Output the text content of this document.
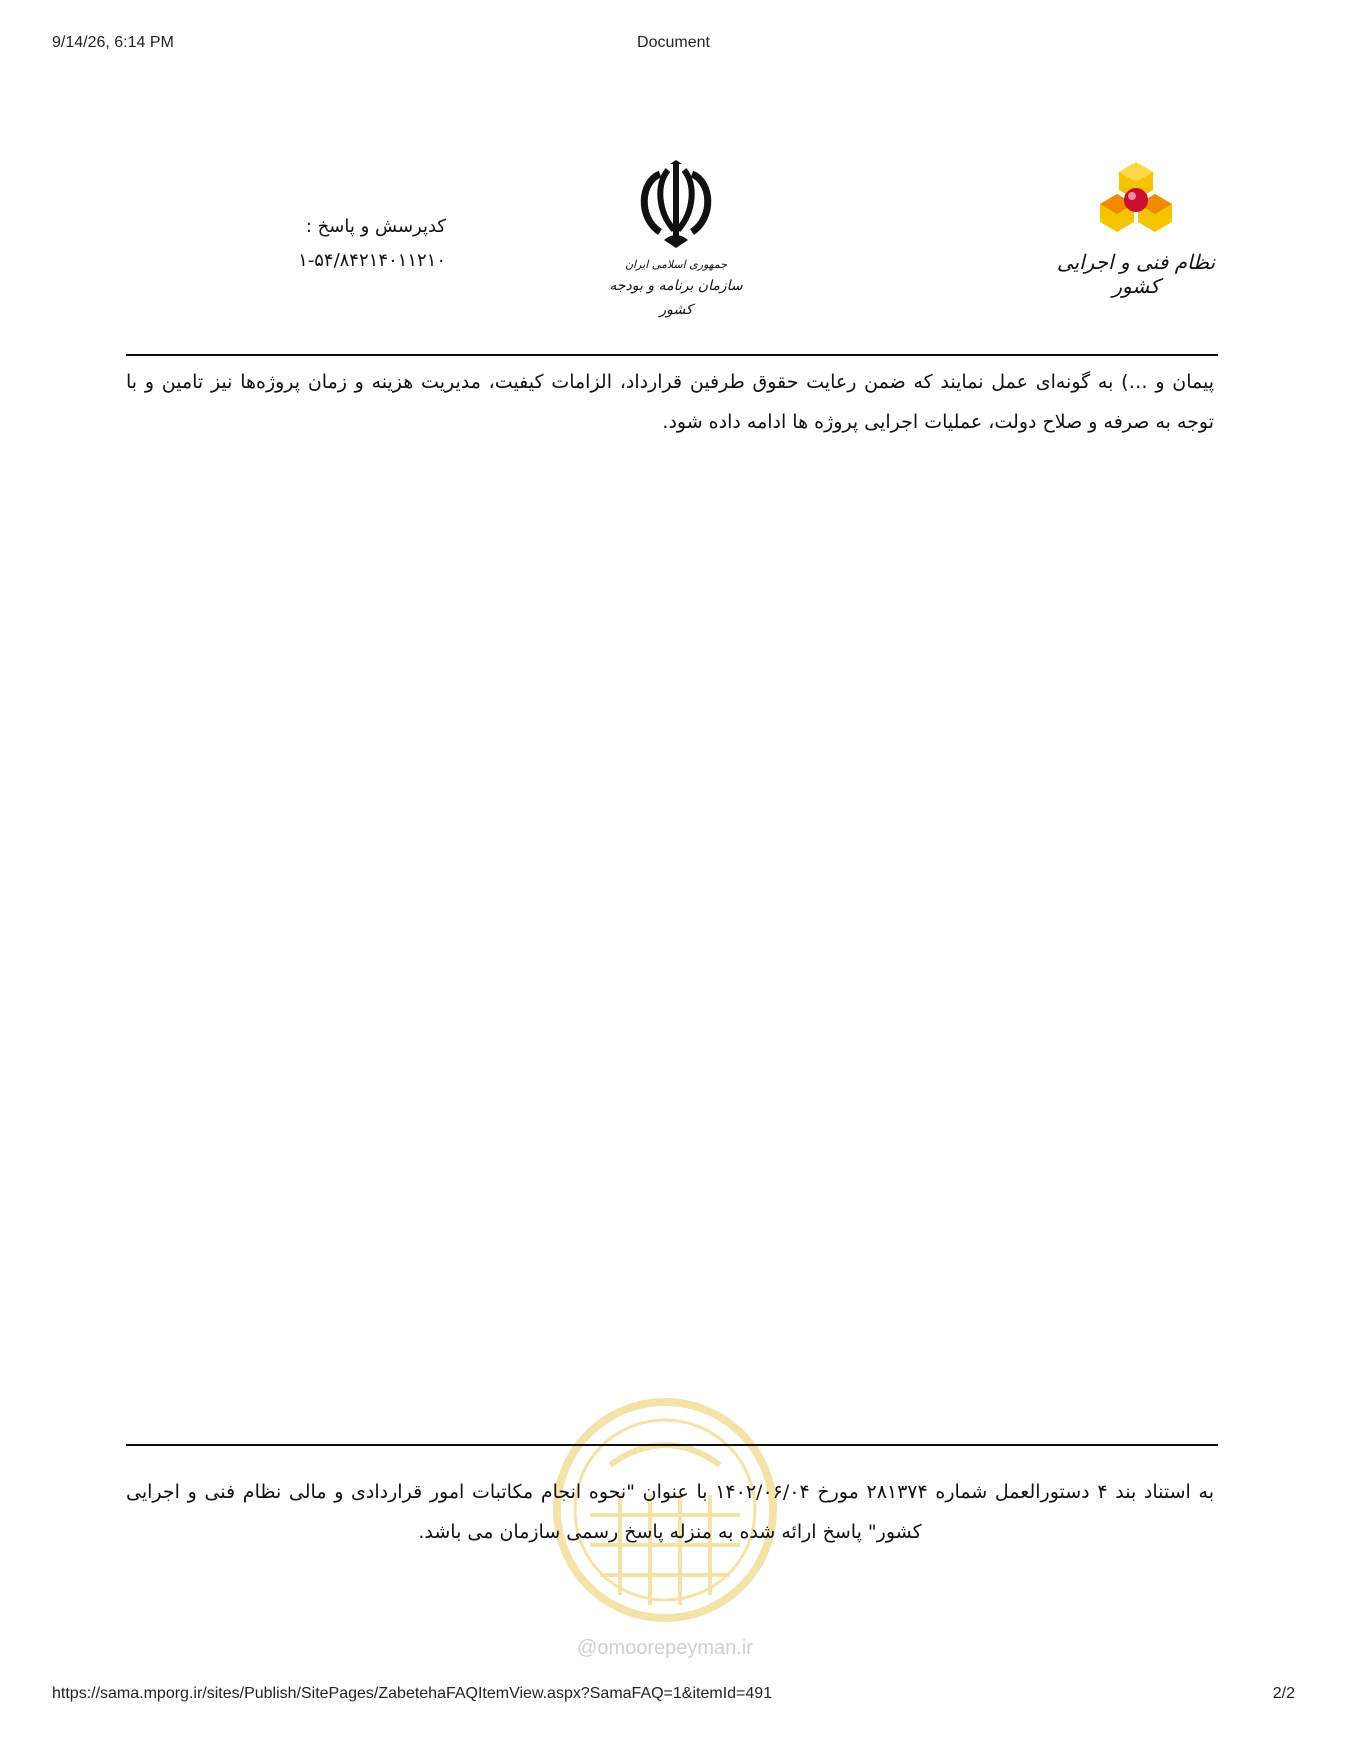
9/14/26, 6:14 PM	Document
کدپرسش و پاسخ :
۱-۵۴/۸۴۲۱۴۰۱۱۲۱۰	جمهوری اسلامی ایران
سازمان برنامه و بودجه کشور
نظام فنی و اجرایی کشور
پیمان و …) به گونه‌ای عمل نمایند که ضمن رعایت حقوق طرفین قرارداد، الزامات کیفیت، مدیریت هزینه و زمان پروژه‌ها نیز تامین و با توجه به صرفه و صلاح دولت، عملیات اجرایی پروژه ها ادامه داده شود.
@omoorepeyman.ir
به استناد بند ۴ دستورالعمل شماره ۲۸۱۳۷۴ مورخ ۱۴۰۲/۰۶/۰۴ با عنوان "نحوه انجام مکاتبات امور قراردادی و مالی نظام فنی و اجرایی کشور" پاسخ ارائه شده به منزله پاسخ رسمی سازمان می باشد.
https://sama.mporg.ir/sites/Publish/SitePages/ZabetehaFAQItemView.aspx?SamaFAQ=1&itemId=491	2/2
